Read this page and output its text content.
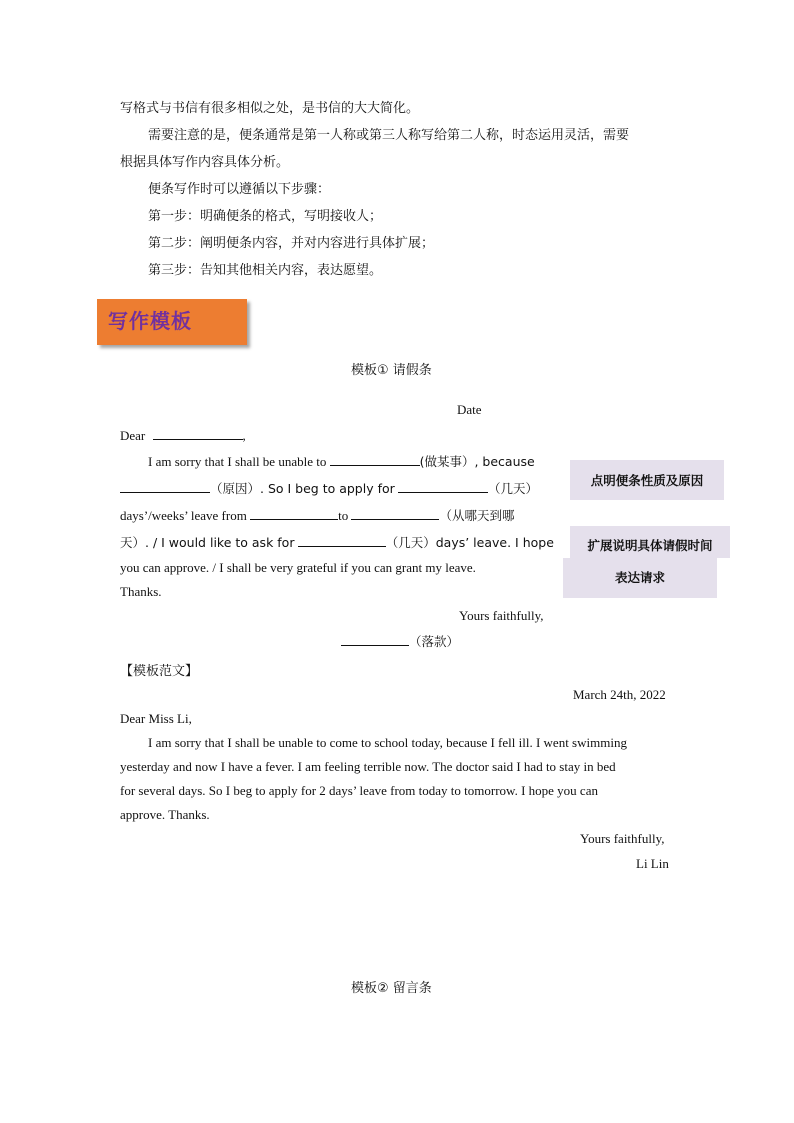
写格式与书信有很多相似之处，是书信的大大简化。
需要注意的是，便条通常是第一人称或第三人称写给第二人称，时态运用灵活，需要
根据具体写作内容具体分析。
便条写作时可以遵循以下步骤：
第一步：明确便条的格式，写明接收人；
第二步：阐明便条内容，并对内容进行具体扩展；
第三步：告知其他相关内容，表达愿望。
写作模板
模板① 请假条
Date
Dear	,
I am sorry that I shall be unable to	(做某事）, because
（原因）. So I beg to apply for	（几天）
days’/weeks’ leave from	to	（从哪天到哪
天）. / I would like to ask for	（几天）days’ leave. I hope
you can approve. / I shall be very grateful if you can grant my leave.
Thanks.
Yours faithfully,
（落款）
点明便条性质及原因
扩展说明具体请假时间
表达请求
【模板范文】
March 24th, 2022
Dear Miss Li,
I am sorry that I shall be unable to come to school today, because I fell ill. I went swimming
yesterday and now I have a fever. I am feeling terrible now. The doctor said I had to stay in bed
for several days. So I beg to apply for 2 days’ leave from today to tomorrow. I hope you can
approve. Thanks.
Yours faithfully,
Li Lin
模板② 留言条
